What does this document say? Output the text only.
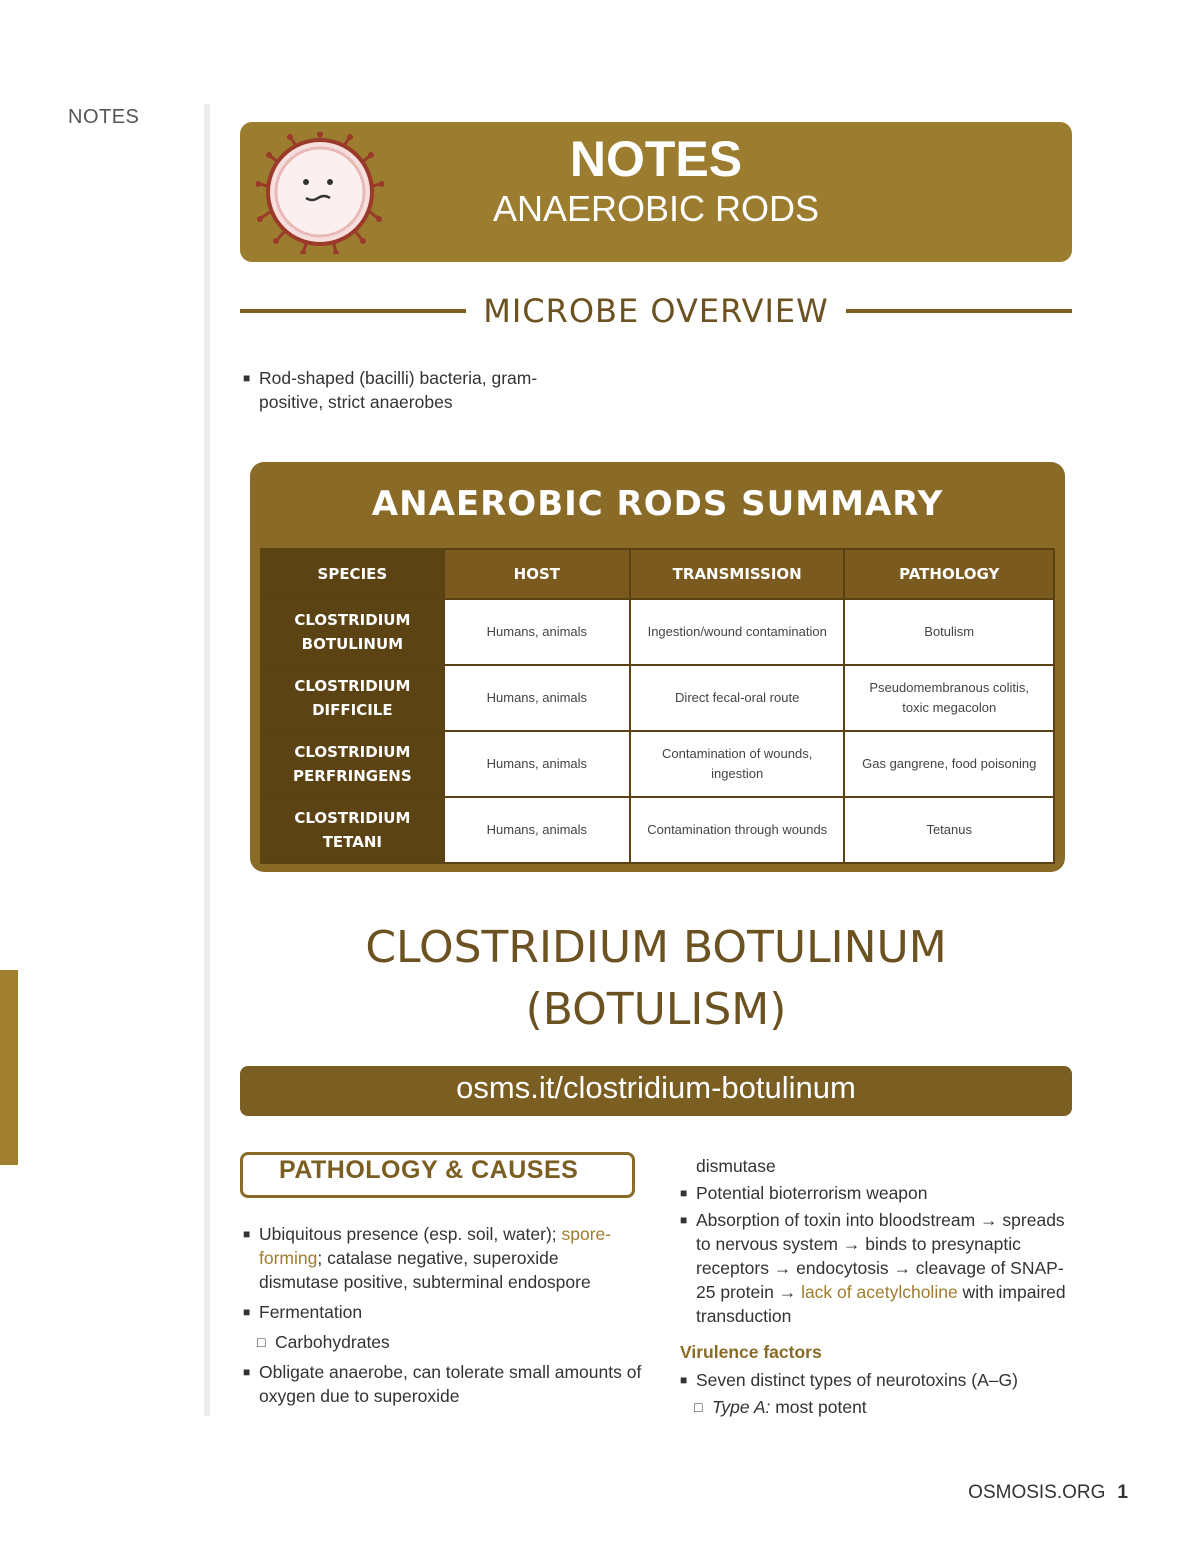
NOTES
NOTES
ANAEROBIC RODS
MICROBE OVERVIEW
■ Rod-shaped (bacilli) bacteria, gram-positive, strict anaerobes
ANAEROBIC RODS SUMMARY
SPECIES	HOST	TRANSMISSION	PATHOLOGY
CLOSTRIDIUM BOTULINUM	Humans, animals	Ingestion/wound contamination	Botulism
CLOSTRIDIUM DIFFICILE	Humans, animals	Direct fecal-oral route	Pseudomembranous colitis, toxic megacolon
CLOSTRIDIUM PERFRINGENS	Humans, animals	Contamination of wounds, ingestion	Gas gangrene, food poisoning
CLOSTRIDIUM TETANI	Humans, animals	Contamination through wounds	Tetanus
CLOSTRIDIUM BOTULINUM
(BOTULISM)
osms.it/clostridium-botulinum
PATHOLOGY & CAUSES
■ Ubiquitous presence (esp. soil, water); spore-forming; catalase negative, superoxide dismutase positive, subterminal endospore
■ Fermentation
□ Carbohydrates
■ Obligate anaerobe, can tolerate small amounts of oxygen due to superoxide
dismutase
■ Potential bioterrorism weapon
■ Absorption of toxin into bloodstream → spreads to nervous system → binds to presynaptic receptors → endocytosis → cleavage of SNAP-25 protein → lack of acetylcholine with impaired transduction
Virulence factors
■ Seven distinct types of neurotoxins (A–G)
□ Type A: most potent
OSMOSIS.ORG 1
